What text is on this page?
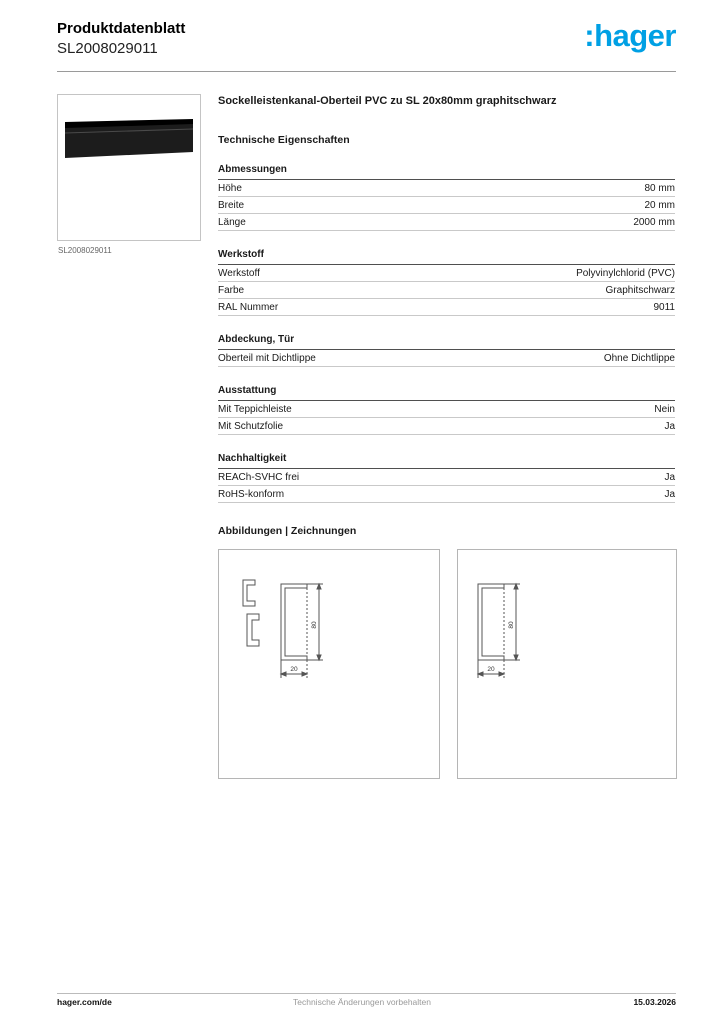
Produktdatenblatt
SL2008029011	:hager
SL2008029011
Sockelleistenkanal-Oberteil PVC zu SL 20x80mm graphitschwarz
Technische Eigenschaften
Abmessungen
Höhe	80 mm
Breite	20 mm
Länge	2000 mm
Werkstoff
Werkstoff	Polyvinylchlorid (PVC)
Farbe	Graphitschwarz
RAL Nummer	9011
Abdeckung, Tür
Oberteil mit Dichtlippe	Ohne Dichtlippe
Ausstattung
Mit Teppichleiste	Nein
Mit Schutzfolie	Ja
Nachhaltigkeit
REACh-SVHC frei	Ja
RoHS-konform	Ja
Abbildungen | Zeichnungen
80
20
80
20
Technische Änderungen vorbehalten
hager.com/de	15.03.2026
